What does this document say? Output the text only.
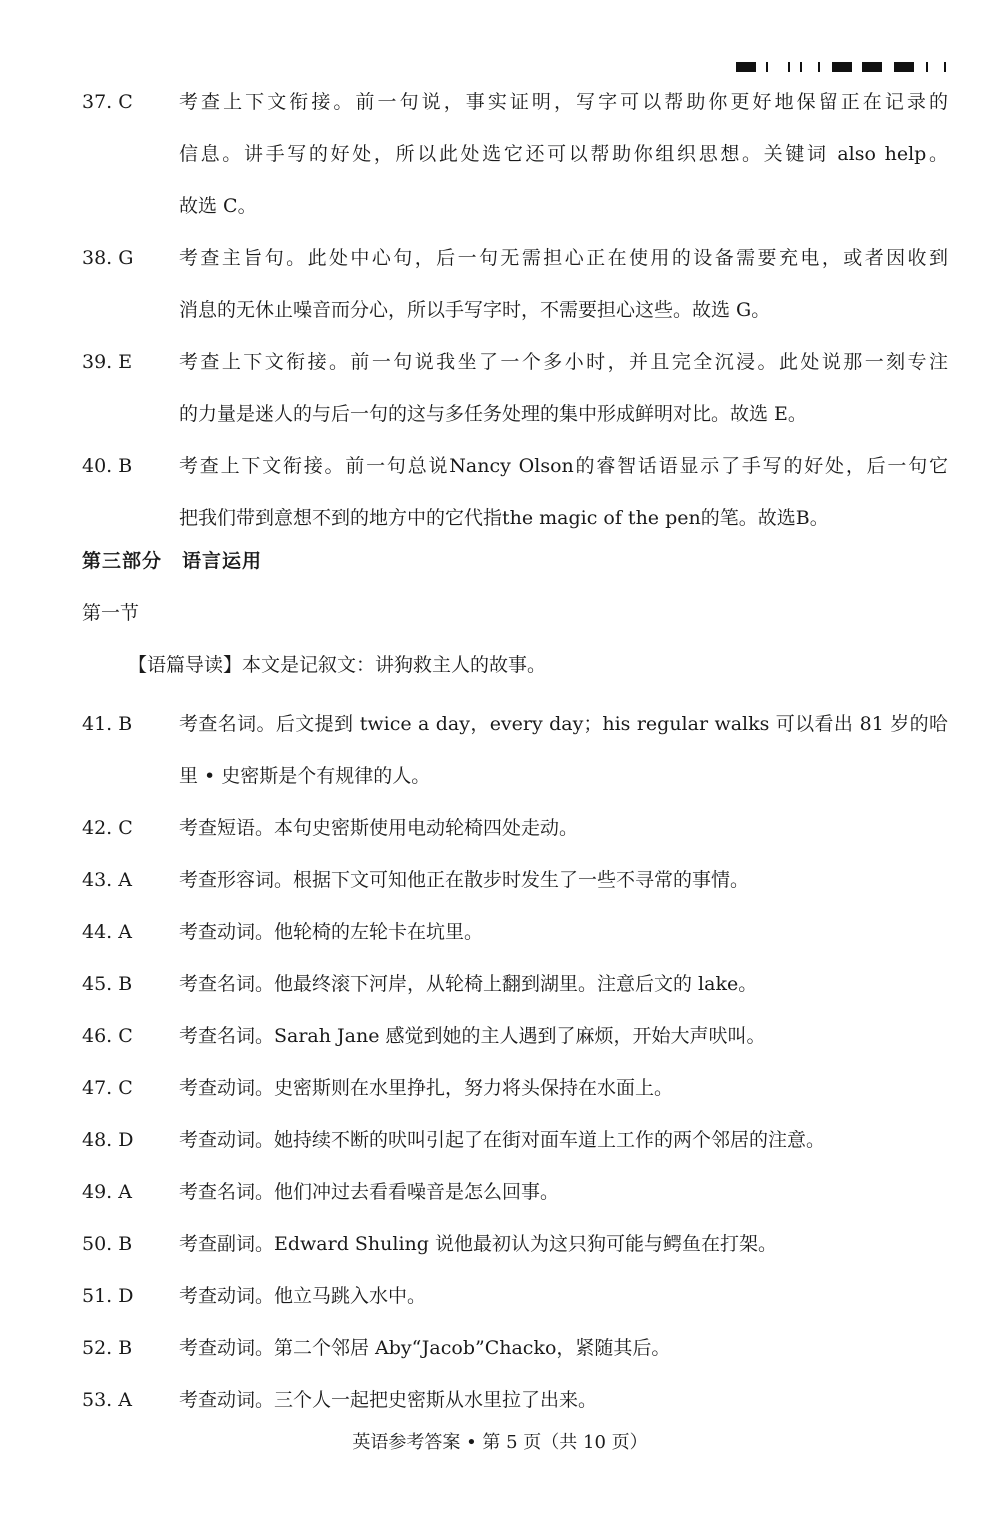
37. C	考查上下文衔接。前一句说，事实证明，写字可以帮助你更好地保留正在记录的
信息。讲手写的好处，所以此处选它还可以帮助你组织思想。关键词 also help。
故选 C。
38. G	考查主旨句。此处中心句，后一句无需担心正在使用的设备需要充电，或者因收到
消息的无休止噪音而分心，所以手写字时，不需要担心这些。故选 G。
39. E	考查上下文衔接。前一句说我坐了一个多小时，并且完全沉浸。此处说那一刻专注
的力量是迷人的与后一句的这与多任务处理的集中形成鲜明对比。故选 E。
40. B	考查上下文衔接。前一句总说Nancy Olson的睿智话语显示了手写的好处，后一句它
把我们带到意想不到的地方中的它代指the magic of the pen的笔。故选B。
第三部分　语言运用
第一节
【语篇导读】本文是记叙文：讲狗救主人的故事。
41. B	考查名词。后文提到 twice a day，every day；his regular walks 可以看出 81 岁的哈
里 • 史密斯是个有规律的人。
42. C	考查短语。本句史密斯使用电动轮椅四处走动。
43. A	考查形容词。根据下文可知他正在散步时发生了一些不寻常的事情。
44. A	考查动词。他轮椅的左轮卡在坑里。
45. B	考查名词。他最终滚下河岸，从轮椅上翻到湖里。注意后文的 lake。
46. C	考查名词。Sarah Jane 感觉到她的主人遇到了麻烦，开始大声吠叫。
47. C	考查动词。史密斯则在水里挣扎，努力将头保持在水面上。
48. D	考查动词。她持续不断的吠叫引起了在街对面车道上工作的两个邻居的注意。
49. A	考查名词。他们冲过去看看噪音是怎么回事。
50. B	考查副词。Edward Shuling 说他最初认为这只狗可能与鳄鱼在打架。
51. D	考查动词。他立马跳入水中。
52. B	考查动词。第二个邻居 Aby“Jacob”Chacko，紧随其后。
53. A	考查动词。三个人一起把史密斯从水里拉了出来。
英语参考答案 • 第 5 页（共 10 页）
